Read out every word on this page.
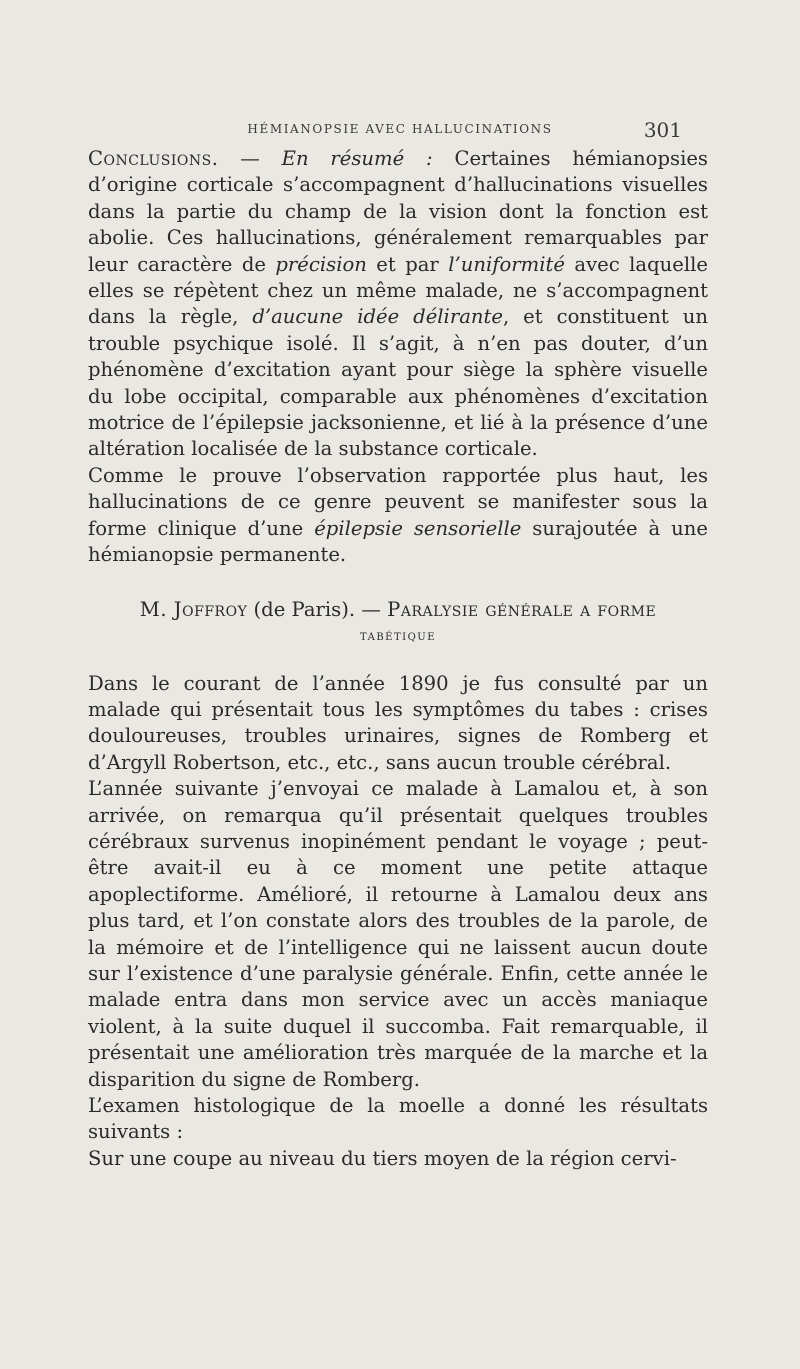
HÉMIANOPSIE AVEC HALLUCINATIONS	301

Conclusions. — En résumé : Certaines hémianopsies d’origine corticale s’accompagnent d’hallucinations visuelles dans la partie du champ de la vision dont la fonction est abolie. Ces hallucinations, généralement remarquables par leur caractère de précision et par l’uniformité avec laquelle elles se répètent chez un même malade, ne s’accompagnent dans la règle, d’aucune idée délirante, et constituent un trouble psychique isolé. Il s’agit, à n’en pas douter, d’un phénomène d’excitation ayant pour siège la sphère visuelle du lobe occipital, comparable aux phénomènes d’excitation motrice de l’épilepsie jacksonienne, et lié à la présence d’une altération localisée de la substance corticale.

Comme le prouve l’observation rapportée plus haut, les hallucinations de ce genre peuvent se manifester sous la forme clinique d’une épilepsie sensorielle surajoutée à une hémianopsie permanente.

M. Joffroy (de Paris). — Paralysie générale a forme
tabétique

Dans le courant de l’année 1890 je fus consulté par un malade qui présentait tous les symptômes du tabes : crises douloureuses, troubles urinaires, signes de Romberg et d’Argyll Robertson, etc., etc., sans aucun trouble cérébral.

L’année suivante j’envoyai ce malade à Lamalou et, à son arrivée, on remarqua qu’il présentait quelques troubles cérébraux survenus inopinément pendant le voyage ; peut-être avait-il eu à ce moment une petite attaque apoplectiforme. Amélioré, il retourne à Lamalou deux ans plus tard, et l’on constate alors des troubles de la parole, de la mémoire et de l’intelligence qui ne laissent aucun doute sur l’existence d’une paralysie générale. Enfin, cette année le malade entra dans mon service avec un accès maniaque violent, à la suite duquel il succomba. Fait remarquable, il présentait une amélioration très marquée de la marche et la disparition du signe de Romberg.

L’examen histologique de la moelle a donné les résultats suivants :

Sur une coupe au niveau du tiers moyen de la région cervi-
